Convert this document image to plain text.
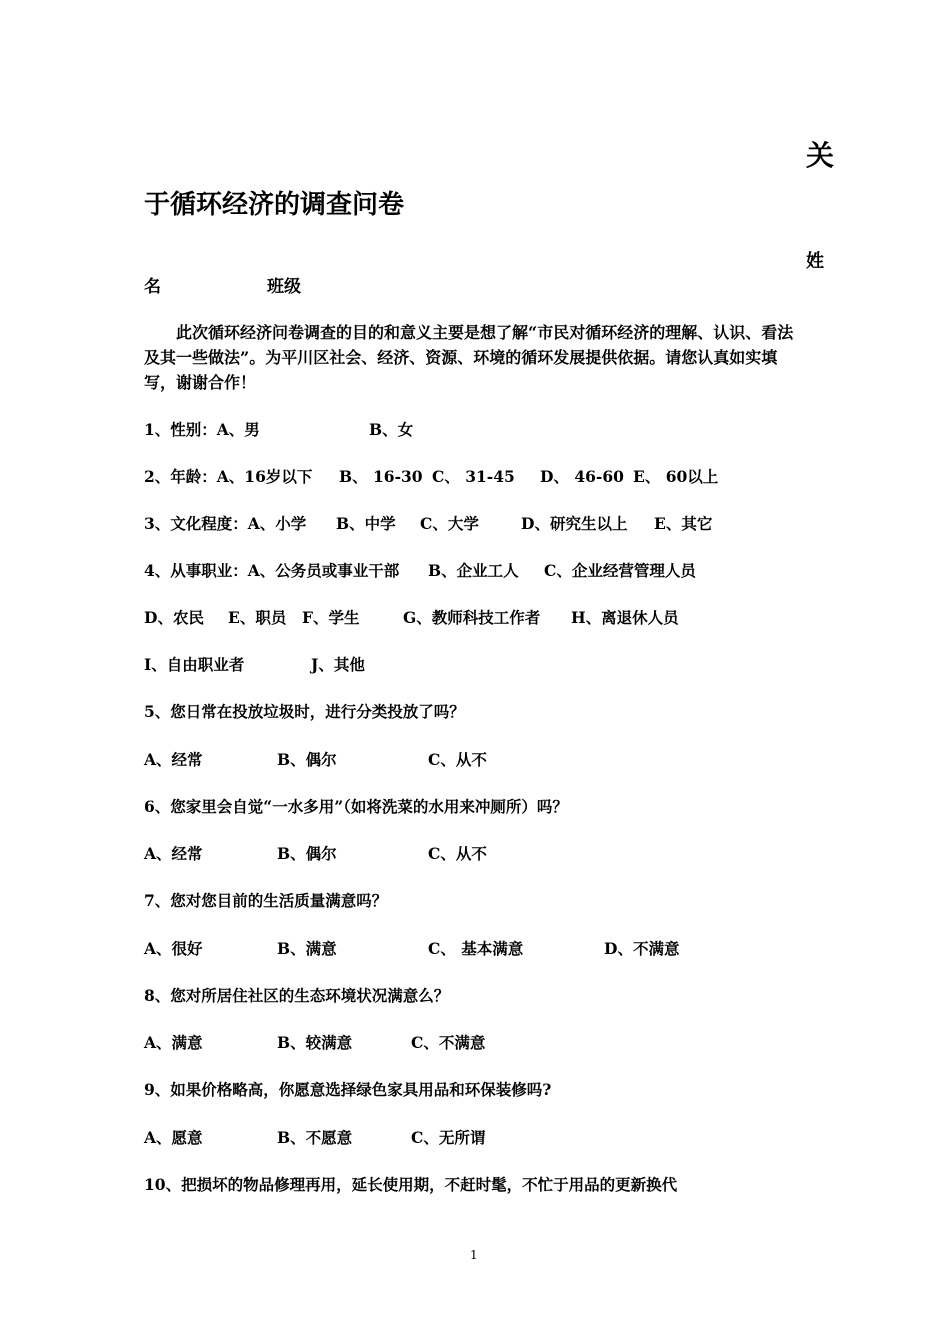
关
于循环经济的调查问卷
姓
名	班级
此次循环经济问卷调查的目的和意义主要是想了解“市民对循环经济的理解、认识、看法及其一些做法”。为平川区社会、经济、资源、环境的循环发展提供依据。请您认真如实填写，谢谢合作！
1、性别：A、男	B、女
2、年龄：A、16岁以下 B、 16-30 C、 31-45 D、 46-60 E、 60以上
3、文化程度：A、小学 B、中学 C、大学	D、研究生以上 E、其它
4、从事职业：A、公务员或事业干部 B、企业工人 C、企业经营管理人员
D、农民 E、职员 F、学生	G、教师科技工作者 H、离退休人员
I、自由职业者	J、其他
5、您日常在投放垃圾时，进行分类投放了吗？
A、经常	B、偶尔	C、从不
6、您家里会自觉“一水多用”（如将洗菜的水用来冲厕所）吗？
A、经常	B、偶尔	C、从不
7、您对您目前的生活质量满意吗？
A、很好	B、满意	C、 基本满意	D、不满意
8、您对所居住社区的生态环境状况满意么？
A、满意	B、较满意	C、不满意
9、如果价格略高，你愿意选择绿色家具用品和环保装修吗?
A、愿意	B、不愿意	C、无所谓
10、把损坏的物品修理再用，延长使用期，不赶时髦，不忙于用品的更新换代
1
